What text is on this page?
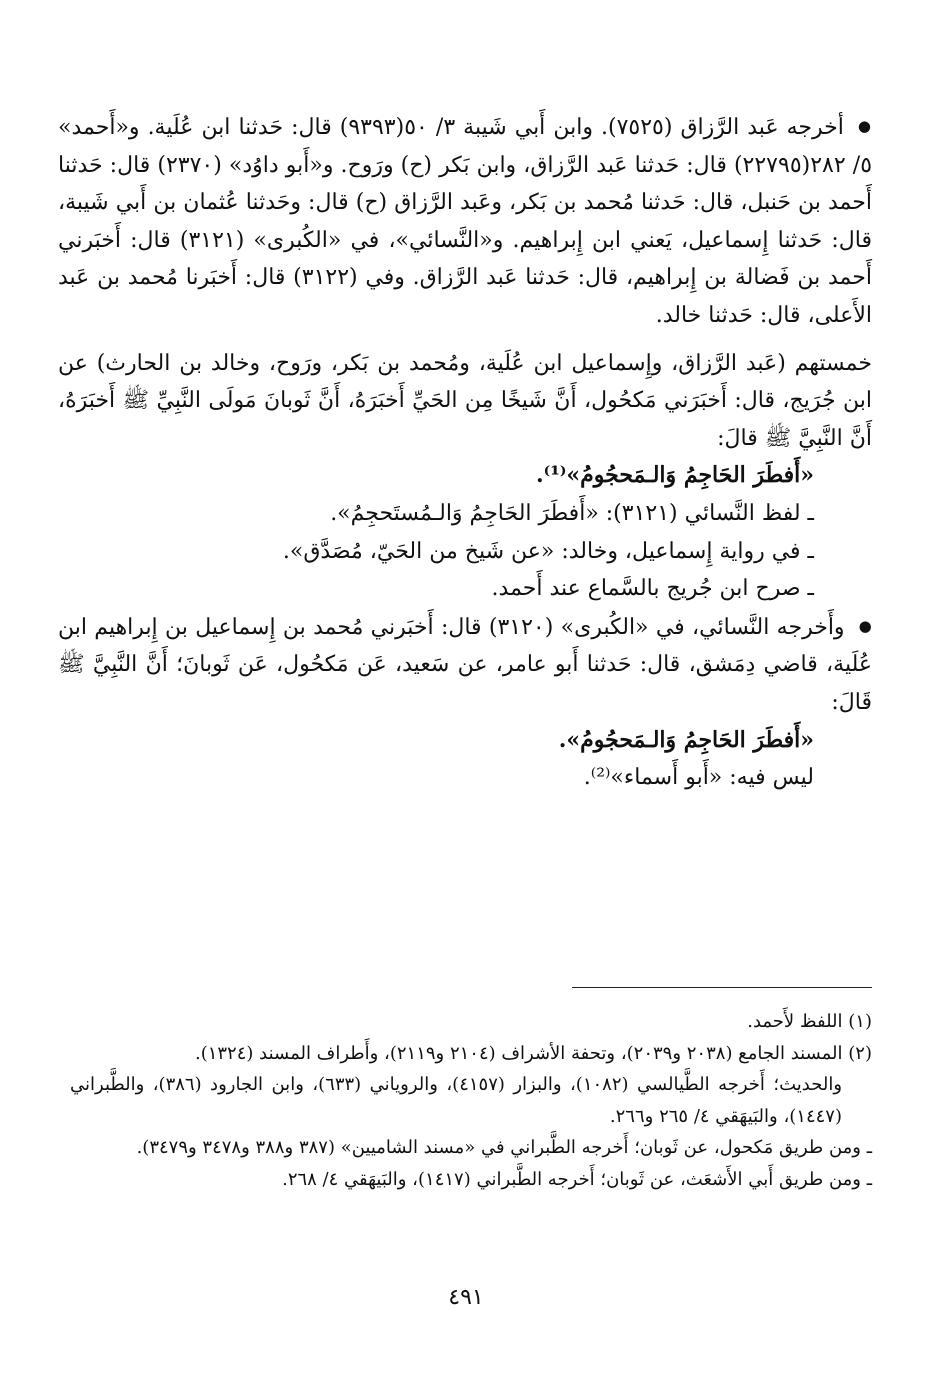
● أخرجه عَبد الرَّزاق (٧٥٢٥). وابن أَبي شَيبة ٣/ ٥٠(٩٣٩٣) قال: حَدثنا ابن عُلَية. و«أَحمد» ٥/ ٢٨٢(٢٢٧٩٥) قال: حَدثنا عَبد الرَّزاق، وابن بَكر (ح) ورَوح. و«أَبو داوُد» (٢٣٧٠) قال: حَدثنا أَحمد بن حَنبل، قال: حَدثنا مُحمد بن بَكر، وعَبد الرَّزاق (ح) قال: وحَدثنا عُثمان بن أَبي شَيبة، قال: حَدثنا إِسماعيل، يَعني ابن إِبراهيم. و«النَّسائي»، في «الكُبرى» (٣١٢١) قال: أَخبَرني أَحمد بن فَضالة بن إِبراهيم، قال: حَدثنا عَبد الرَّزاق. وفي (٣١٢٢) قال: أَخبَرنا مُحمد بن عَبد الأَعلى، قال: حَدثنا خالد.

خمستهم (عَبد الرَّزاق، وإِسماعيل ابن عُلَية، ومُحمد بن بَكر، ورَوح، وخالد بن الحارث) عن ابن جُرَيج، قال: أَخبَرَني مَكحُول، أَنَّ شَيخًا مِن الحَيِّ أَخبَرَهُ، أَنَّ ثَوبانَ مَولَى النَّبِيِّ ﷺ أَخبَرَهُ، أَنَّ النَّبِيَّ ﷺ قالَ:

«أَفطَرَ الحَاجِمُ وَالـمَحجُومُ»⁽¹⁾.

ـ لفظ النَّسائي (٣١٢١): «أَفطَرَ الحَاجِمُ وَالـمُستَحجِمُ».

ـ في رواية إِسماعيل، وخالد: «عن شَيخ من الحَيّ، مُصَدَّق».

ـ صرح ابن جُريج بالسَّماع عند أَحمد.

● وأَخرجه النَّسائي، في «الكُبرى» (٣١٢٠) قال: أَخبَرني مُحمد بن إِسماعيل بن إِبراهيم ابن عُلَية، قاضي دِمَشق، قال: حَدثنا أَبو عامر، عن سَعيد، عَن مَكحُول، عَن ثَوبانَ؛ أَنَّ النَّبِيَّ ﷺ قَالَ:

«أَفطَرَ الحَاجِمُ وَالـمَحجُومُ».

ليس فيه: «أَبو أَسماء»⁽²⁾.

(١) اللفظ لأَحمد.

(٢) المسند الجامع (٢٠٣٨ و٢٠٣٩)، وتحفة الأشراف (٢١٠٤ و٢١١٩)، وأَطراف المسند (١٣٢٤).

والحديث؛ أَخرجه الطَّيالسي (١٠٨٢)، والبزار (٤١٥٧)، والروياني (٦٣٣)، وابن الجارود (٣٨٦)، والطَّبراني (١٤٤٧)، والبَيهَقي ٤/ ٢٦٥ و٢٦٦.

ـ ومن طريق مَكحول، عن ثَوبان؛ أَخرجه الطَّبراني في «مسند الشاميين» (٣٨٧ و٣٨٨ و٣٤٧٨ و٣٤٧٩).

ـ ومن طريق أَبي الأَشعَث، عن ثَوبان؛ أَخرجه الطَّبراني (١٤١٧)، والبَيهَقي ٤/ ٢٦٨.

٤٩١
